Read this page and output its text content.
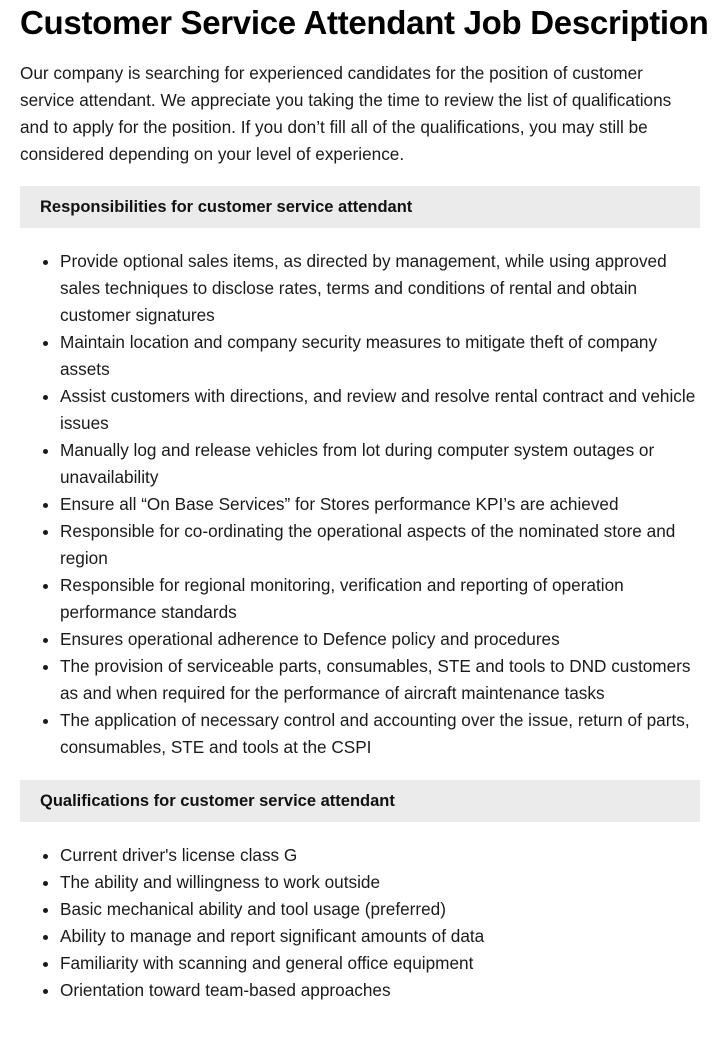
Customer Service Attendant Job Description

Our company is searching for experienced candidates for the position of customer service attendant. We appreciate you taking the time to review the list of qualifications and to apply for the position. If you don’t fill all of the qualifications, you may still be considered depending on your level of experience.

Responsibilities for customer service attendant
• Provide optional sales items, as directed by management, while using approved sales techniques to disclose rates, terms and conditions of rental and obtain customer signatures
• Maintain location and company security measures to mitigate theft of company assets
• Assist customers with directions, and review and resolve rental contract and vehicle issues
• Manually log and release vehicles from lot during computer system outages or unavailability
• Ensure all “On Base Services” for Stores performance KPI’s are achieved
• Responsible for co-ordinating the operational aspects of the nominated store and region
• Responsible for regional monitoring, verification and reporting of operation performance standards
• Ensures operational adherence to Defence policy and procedures
• The provision of serviceable parts, consumables, STE and tools to DND customers as and when required for the performance of aircraft maintenance tasks
• The application of necessary control and accounting over the issue, return of parts, consumables, STE and tools at the CSPI
Qualifications for customer service attendant
• Current driver's license class G
• The ability and willingness to work outside
• Basic mechanical ability and tool usage (preferred)
• Ability to manage and report significant amounts of data
• Familiarity with scanning and general office equipment
• Orientation toward team-based approaches
